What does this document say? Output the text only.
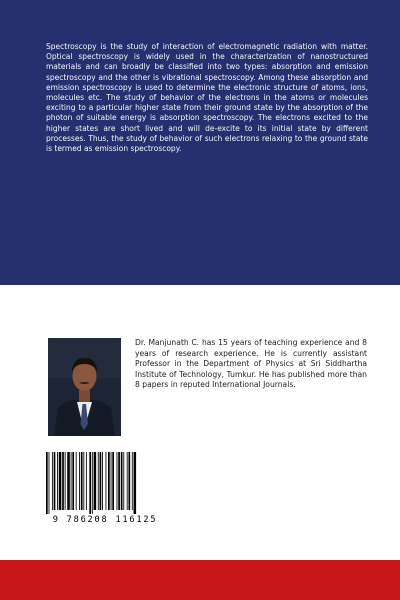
Spectroscopy is the study of interaction of electromagnetic radiation with matter. Optical spectroscopy is widely used in the characterization of nanostructured materials and can broadly be classified into two types: absorption and emission spectroscopy and the other is vibrational spectroscopy. Among these absorption and emission spectroscopy is used to determine the electronic structure of atoms, ions, molecules etc. The study of behavior of the electrons in the atoms or molecules exciting to a particular higher state from their ground state by the absorption of the photon of suitable energy is absorption spectroscopy. The electrons excited to the higher states are short lived and will de-excite to its initial state by different processes. Thus, the study of behavior of such electrons relaxing to the ground state is termed as emission spectroscopy.

Dr. Manjunath C. has 15 years of teaching experience and 8 years of research experience. He is currently assistant Professor in the Department of Physics at Sri Siddhartha Institute of Technology, Tumkur. He has published more than 8 papers in reputed International Journals.

9 786208 116125
